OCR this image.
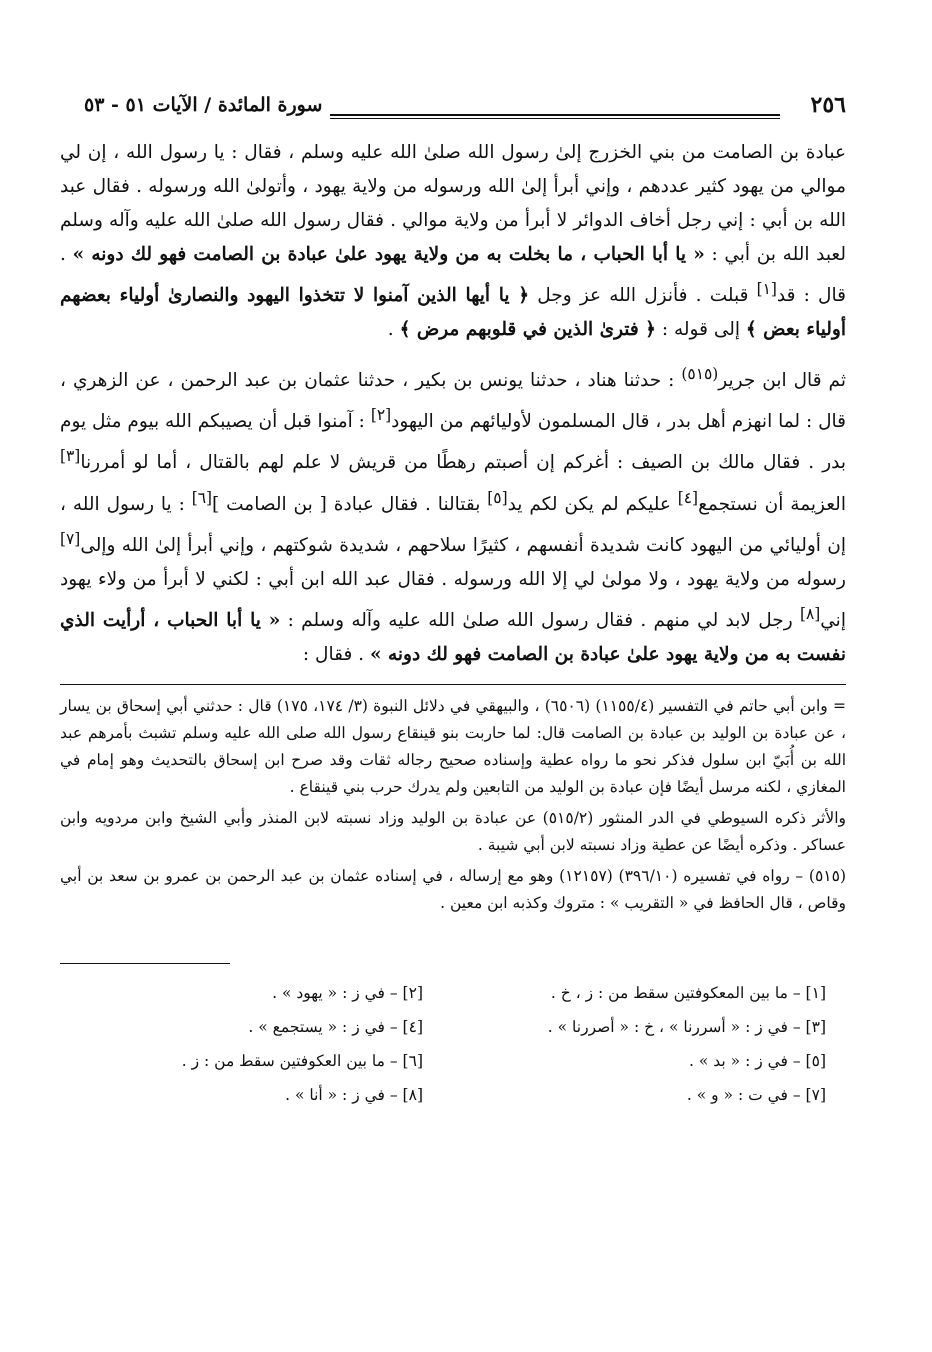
٢٥٦
سورة المائدة / الآيات ٥١ - ٥٣

عبادة بن الصامت من بني الخزرج إلىٰ رسول الله صلىٰ الله عليه وسلم ، فقال : يا رسول الله ، إن لي موالي من يهود كثير عددهم ، وإني أبرأ إلىٰ الله ورسوله من ولاية يهود ، وأتولىٰ الله ورسوله . فقال عبد الله بن أبي : إني رجل أخاف الدوائر لا أبرأ من ولاية موالي . فقال رسول الله صلىٰ الله عليه وآله وسلم لعبد الله بن أبي : « يا أبا الحباب ، ما بخلت به من ولاية يهود علىٰ عبادة بن الصامت فهو لك دونه » . قال : قد[١] قبلت . فأنزل الله عز وجل ﴿ يا أيها الذين آمنوا لا تتخذوا اليهود والنصارىٰ أولياء بعضهم أولياء بعض ﴾ إلى قوله : ﴿ فترىٰ الذين في قلوبهم مرض ﴾ .

ثم قال ابن جرير$^{(٥١٥)}$ : حدثنا هناد ، حدثنا يونس بن بكير ، حدثنا عثمان بن عبد الرحمن ، عن الزهري ، قال : لما انهزم أهل بدر ، قال المسلمون لأوليائهم من اليهود[٢] : آمنوا قبل أن يصيبكم الله بيوم مثل يوم بدر . فقال مالك بن الصيف : أغركم إن أصبتم رهطًا من قريش لا علم لهم بالقتال ، أما لو أمررنا[٣] العزيمة أن نستجمع[٤] عليكم لم يكن لكم يد[٥] بقتالنا . فقال عبادة [ بن الصامت ][٦] : يا رسول الله ، إن أوليائي من اليهود كانت شديدة أنفسهم ، كثيرًا سلاحهم ، شديدة شوكتهم ، وإني أبرأ إلىٰ الله وإلى[٧] رسوله من ولاية يهود ، ولا مولىٰ لي إلا الله ورسوله . فقال عبد الله ابن أبي : لكني لا أبرأ من ولاء يهود إني[٨] رجل لابد لي منهم . فقال رسول الله صلىٰ الله عليه وآله وسلم : « يا أبا الحباب ، أرأيت الذي نفست به من ولاية يهود علىٰ عبادة بن الصامت فهو لك دونه » . فقال :

= وابن أبي حاتم في التفسير (١١٥٥/٤) (٦٥٠٦) ، والبيهقي في دلائل النبوة (٣/ ١٧٤، ١٧٥) قال : حدثني أبي إسحاق بن يسار ، عن عبادة بن الوليد بن عبادة بن الصامت قال: لما حاربت بنو قينقاع رسول الله صلى الله عليه وسلم تشبث بأمرهم عبد الله بن أُبَيّ ابن سلول فذكر نحو ما رواه عطية وإسناده صحيح رجاله ثقات وقد صرح ابن إسحاق بالتحديث وهو إمام في المغازي ، لكنه مرسل أيضًا فإن عبادة بن الوليد من التابعين ولم يدرك حرب بني قينقاع .

والأثر ذكره السيوطي في الدر المنثور (٥١٥/٢) عن عبادة بن الوليد وزاد نسبته لابن المنذر وأبي الشيخ وابن مردويه وابن عساكر . وذكره أيضًا عن عطية وزاد نسبته لابن أبي شيبة .

(٥١٥) – رواه في تفسيره (٣٩٦/١٠) (١٢١٥٧) وهو مع إرساله ، في إسناده عثمان بن عبد الرحمن بن عمرو بن سعد بن أبي وقاص ، قال الحافظ في « التقريب » : متروك وكذبه ابن معين .

[١] – ما بين المعكوفتين سقط من : ز ، خ .
[٢] – في ز : « يهود » .
[٣] – في ز : « أسررنا » ، خ : « أصررنا » .
[٤] – في ز : « يستجمع » .
[٥] – في ز : « بد » .
[٦] – ما بين العكوفتين سقط من : ز .
[٧] – في ت : « و » .
[٨] – في ز : « أنا » .
